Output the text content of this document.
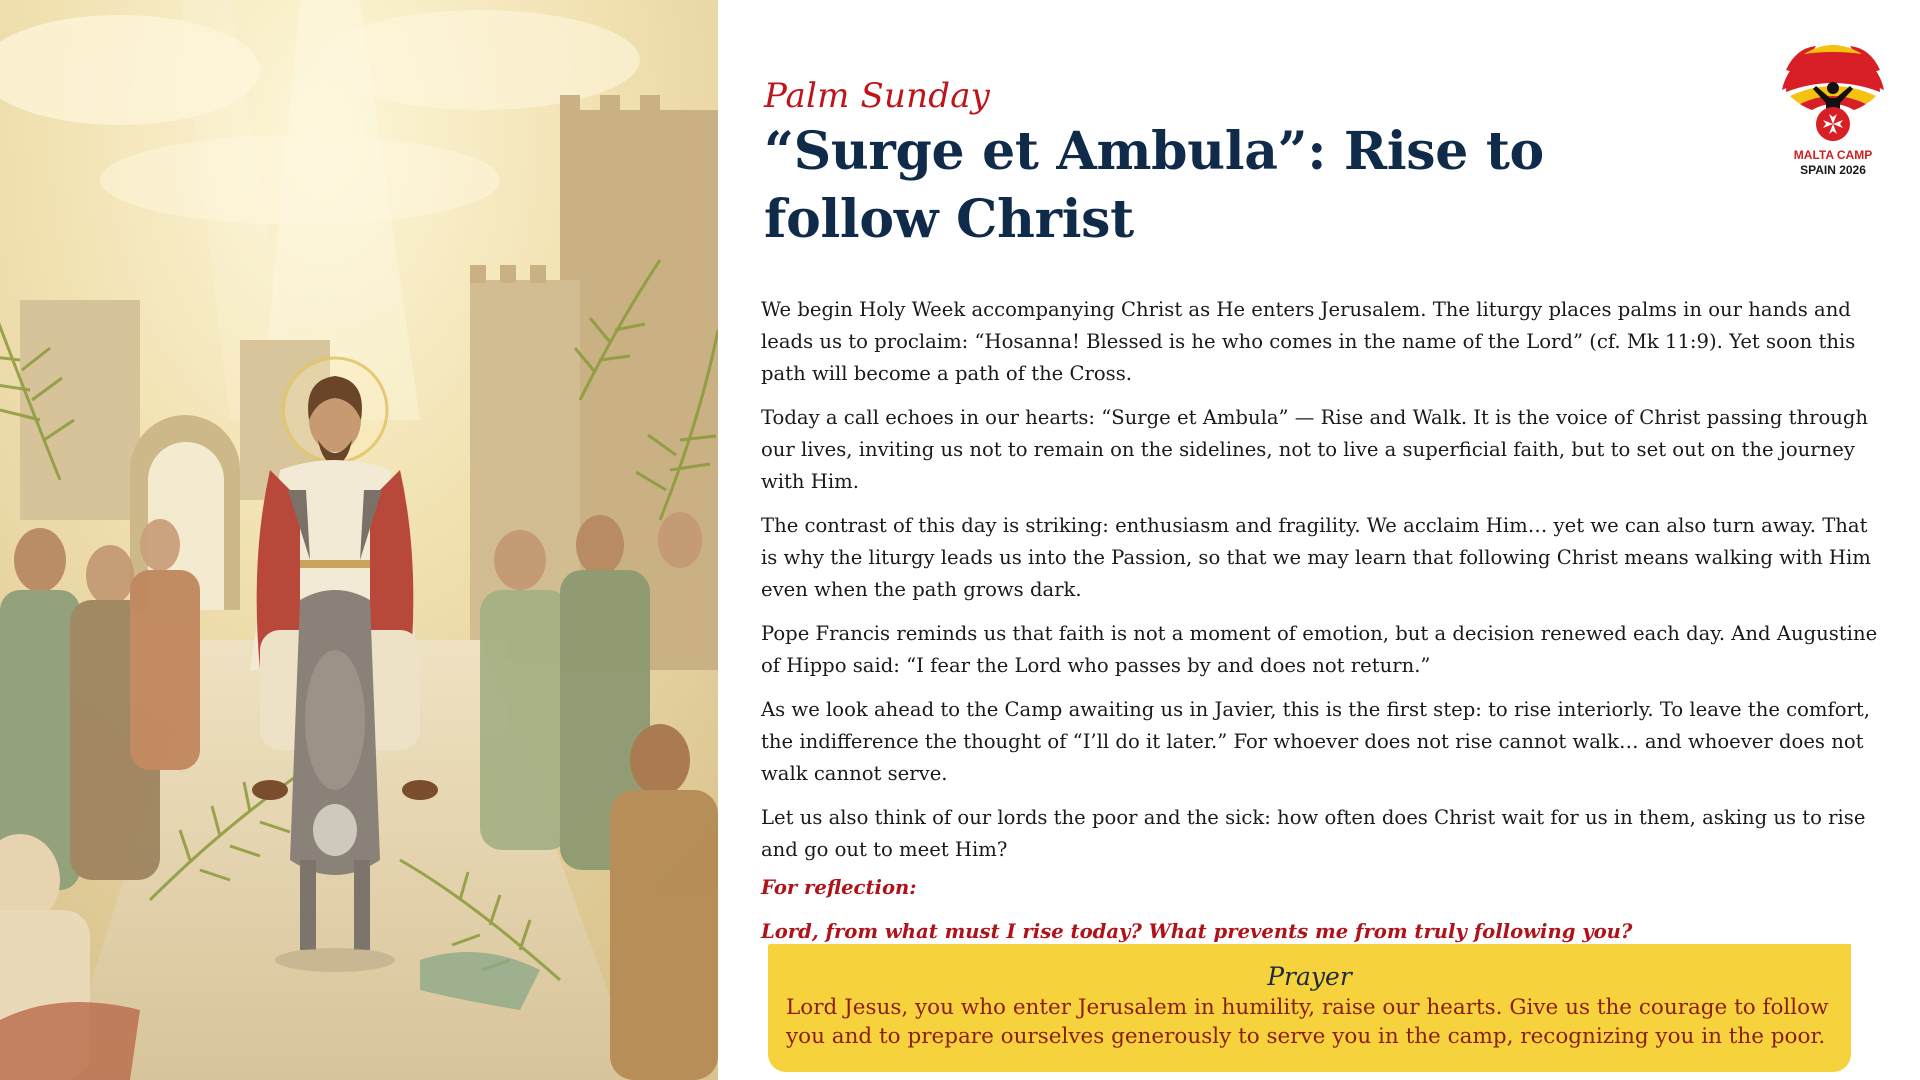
Palm Sunday
“Surge et Ambula”: Rise to follow Christ
MALTA CAMP
SPAIN 2026

We begin Holy Week accompanying Christ as He enters Jerusalem. The liturgy places palms in our hands and leads us to proclaim: “Hosanna! Blessed is he who comes in the name of the Lord” (cf. Mk 11:9). Yet soon this path will become a path of the Cross.

Today a call echoes in our hearts: “Surge et Ambula” — Rise and Walk. It is the voice of Christ passing through our lives, inviting us not to remain on the sidelines, not to live a superficial faith, but to set out on the journey with Him.

The contrast of this day is striking: enthusiasm and fragility. We acclaim Him… yet we can also turn away. That is why the liturgy leads us into the Passion, so that we may learn that following Christ means walking with Him even when the path grows dark.

Pope Francis reminds us that faith is not a moment of emotion, but a decision renewed each day. And Augustine of Hippo said: “I fear the Lord who passes by and does not return.”

As we look ahead to the Camp awaiting us in Javier, this is the first step: to rise interiorly. To leave the comfort, the indifference the thought of “I’ll do it later.” For whoever does not rise cannot walk… and whoever does not walk cannot serve.

Let us also think of our lords the poor and the sick: how often does Christ wait for us in them, asking us to rise and go out to meet Him?

For reflection:

Lord, from what must I rise today? What prevents me from truly following you?

Prayer

Lord Jesus, you who enter Jerusalem in humility, raise our hearts. Give us the courage to follow you and to prepare ourselves generously to serve you in the camp, recognizing you in the poor.
